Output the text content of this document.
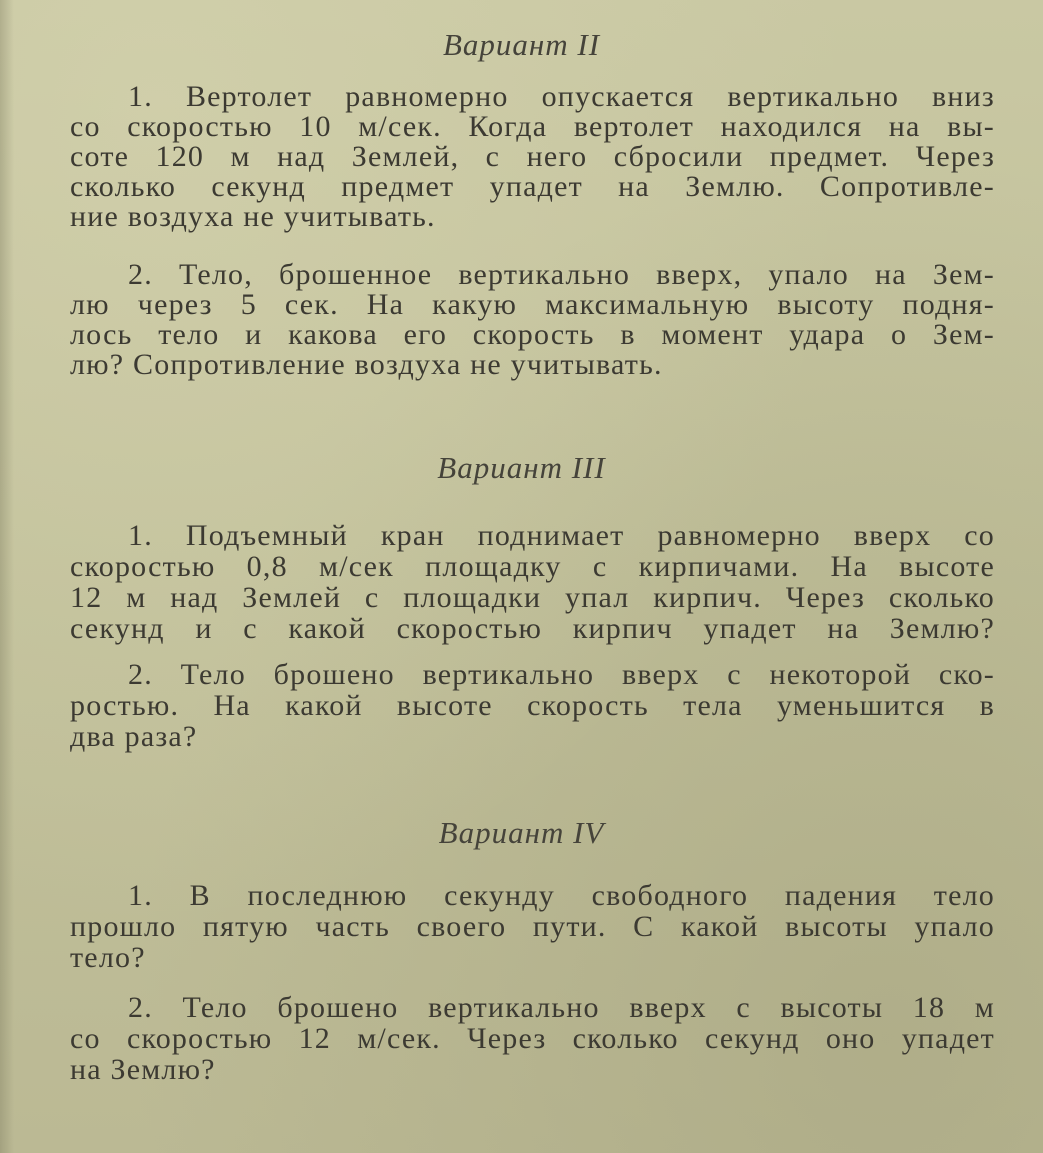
Вариант II
1. Вертолет равномерно опускается вертикально вниз
со скоростью 10 м/сек. Когда вертолет находился на вы-
соте 120 м над Землей, с него сбросили предмет. Через
сколько секунд предмет упадет на Землю. Сопротивле-
ние воздуха не учитывать.
2. Тело, брошенное вертикально вверх, упало на Зем-
лю через 5 сек. На какую максимальную высоту подня-
лось тело и какова его скорость в момент удара о Зем-
лю? Сопротивление воздуха не учитывать.
Вариант III
1. Подъемный кран поднимает равномерно вверх со
скоростью 0,8 м/сек площадку с кирпичами. На высоте
12 м над Землей с площадки упал кирпич. Через сколько
секунд и с какой скоростью кирпич упадет на Землю?
2. Тело брошено вертикально вверх с некоторой ско-
ростью. На какой высоте скорость тела уменьшится в
два раза?
Вариант IV
1. В последнюю секунду свободного падения тело
прошло пятую часть своего пути. С какой высоты упало
тело?
2. Тело брошено вертикально вверх с высоты 18 м
со скоростью 12 м/сек. Через сколько секунд оно упадет
на Землю?
